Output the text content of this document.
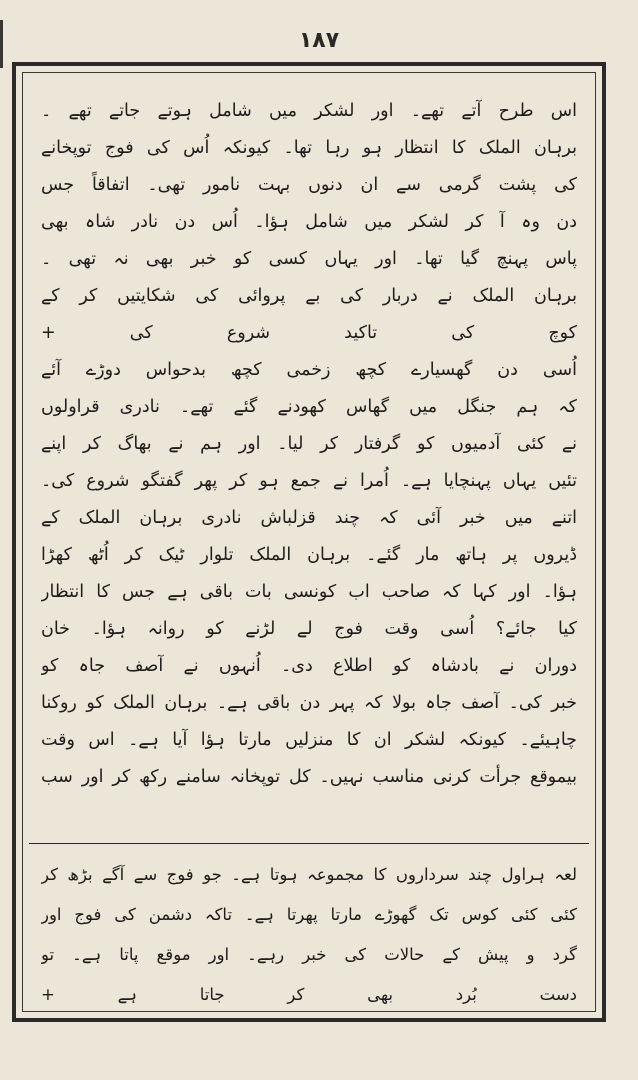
۱۸۷
اس طرح آتے تھے۔ اور لشکر میں شامل ہوتے جاتے تھے ۔
برہان الملک کا انتظار ہو رہا تھا۔ کیونکہ اُس کی فوج توپخانے
کی پشت گرمی سے ان دنوں بہت نامور تھی۔ اتفاقاً جس
دن وہ آ کر لشکر میں شامل ہؤا۔ اُس دن نادر شاہ بھی
پاس پہنچ گیا تھا۔ اور یہاں کسی کو خبر بھی نہ تھی ۔
برہان الملک نے دربار کی بے پروائی کی شکایتیں کر کے
کوچ کی تاکید شروع کی +
اُسی دن گھسیارے کچھ زخمی کچھ بدحواس دوڑے آئے
کہ ہم جنگل میں گھاس کھودنے گئے تھے۔ نادری قراولوں
نے کئی آدمیوں کو گرفتار کر لیا۔ اور ہم نے بھاگ کر اپنے
تئیں یہاں پہنچایا ہے۔ اُمرا نے جمع ہو کر پھر گفتگو شروع کی۔
اتنے میں خبر آئی کہ چند قزلباش نادری برہان الملک کے
ڈیروں پر ہاتھ مار گئے۔ برہان الملک تلوار ٹیک کر اُٹھ کھڑا
ہؤا۔ اور کہا کہ صاحب اب کونسی بات باقی ہے جس کا انتظار
کیا جائے؟ اُسی وقت فوج لے لڑنے کو روانہ ہؤا۔ خان
دوران نے بادشاہ کو اطلاع دی۔ اُنہوں نے آصف جاہ کو
خبر کی۔ آصف جاہ بولا کہ پہر دن باقی ہے۔ برہان الملک کو روکنا
چاہیئے۔ کیونکہ لشکر ان کا منزلیں مارتا ہؤا آیا ہے۔ اس وقت
بیموقع جرأت کرنی مناسب نہیں۔ کل توپخانہ سامنے رکھ کر اور سب
لعہ ہراول چند سرداروں کا مجموعہ ہوتا ہے۔ جو فوج سے آگے بڑھ کر
کئی کئی کوس تک گھوڑے مارتا پھرتا ہے۔ تاکہ دشمن کی فوج اور
گرد و پیش کے حالات کی خبر رہے۔ اور موقع پاتا ہے۔ تو
دست بُرد بھی کر جاتا ہے +
